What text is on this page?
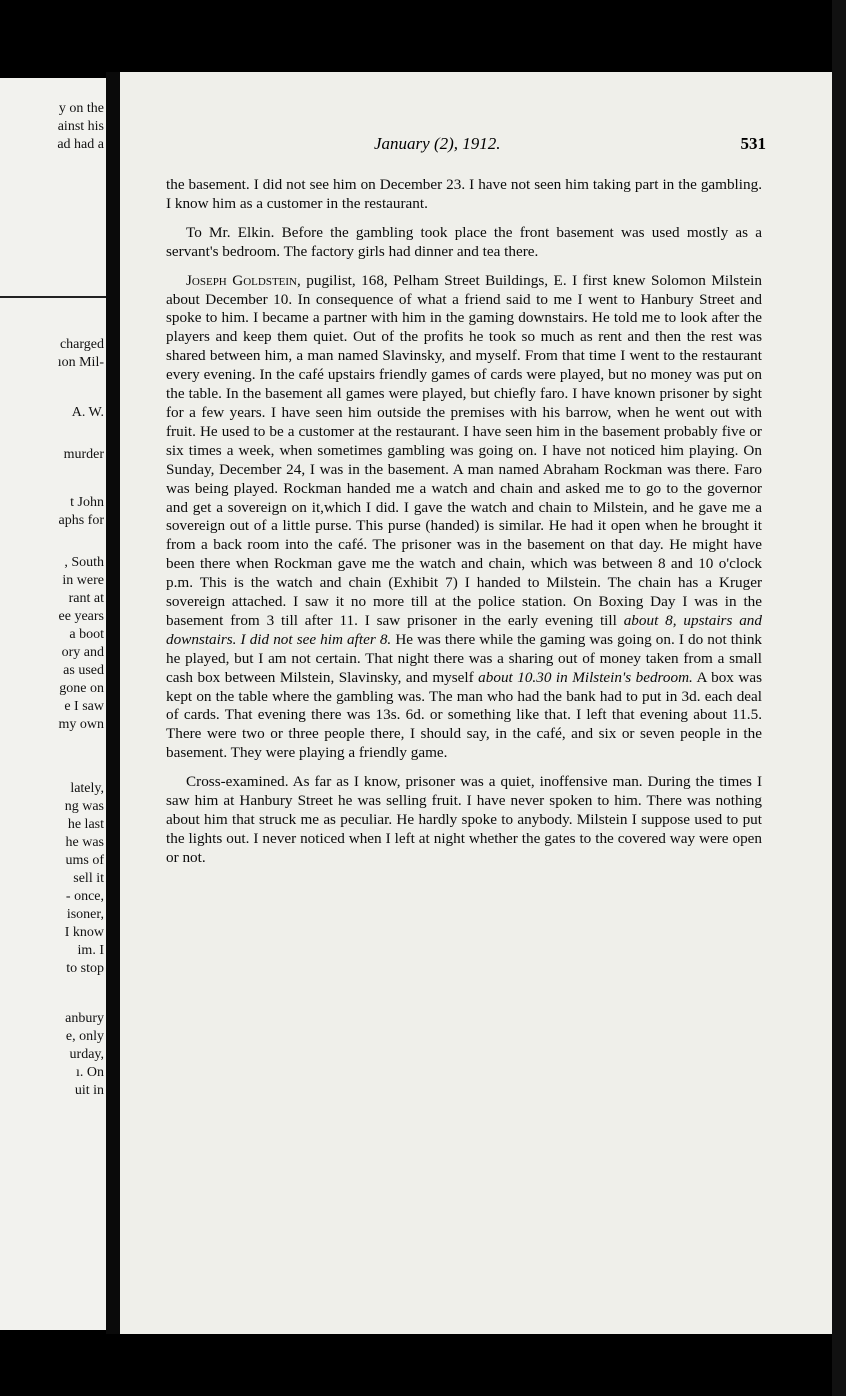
y on the
ainst his
ad had a
charged
ıon Mil-
A. W.
murder
t John
aphs for
, South
in were
rant at
ee years
a boot
ory and
as used
gone on
e I saw
my own
lately,
ng was
he last
he was
ums of
sell it
- once,
isoner,
I know
im. I
to stop
anbury
e, only
urday,
ı. On
uit in
January (2), 1912.	531

the basement. I did not see him on December 23. I have not seen him taking part in the gambling. I know him as a customer in the restaurant.

To Mr. Elkin. Before the gambling took place the front basement was used mostly as a servant's bedroom. The factory girls had dinner and tea there.

Joseph Goldstein, pugilist, 168, Pelham Street Buildings, E. I first knew Solomon Milstein about December 10. In consequence of what a friend said to me I went to Hanbury Street and spoke to him. I became a partner with him in the gaming downstairs. He told me to look after the players and keep them quiet. Out of the profits he took so much as rent and then the rest was shared between him, a man named Slavinsky, and myself. From that time I went to the restaurant every evening. In the café upstairs friendly games of cards were played, but no money was put on the table. In the basement all games were played, but chiefly faro. I have known prisoner by sight for a few years. I have seen him outside the premises with his barrow, when he went out with fruit. He used to be a customer at the restaurant. I have seen him in the basement probably five or six times a week, when sometimes gambling was going on. I have not noticed him playing. On Sunday, December 24, I was in the basement. A man named Abraham Rockman was there. Faro was being played. Rockman handed me a watch and chain and asked me to go to the governor and get a sovereign on it,which I did. I gave the watch and chain to Milstein, and he gave me a sovereign out of a little purse. This purse (handed) is similar. He had it open when he brought it from a back room into the café. The prisoner was in the basement on that day. He might have been there when Rockman gave me the watch and chain, which was between 8 and 10 o'clock p.m. This is the watch and chain (Exhibit 7) I handed to Milstein. The chain has a Kruger sovereign attached. I saw it no more till at the police station. On Boxing Day I was in the basement from 3 till after 11. I saw prisoner in the early evening till about 8, upstairs and downstairs. I did not see him after 8. He was there while the gaming was going on. I do not think he played, but I am not certain. That night there was a sharing out of money taken from a small cash box between Milstein, Slavinsky, and myself about 10.30 in Milstein's bedroom. A box was kept on the table where the gambling was. The man who had the bank had to put in 3d. each deal of cards. That evening there was 13s. 6d. or something like that. I left that evening about 11.5. There were two or three people there, I should say, in the café, and six or seven people in the basement. They were playing a friendly game.

Cross-examined. As far as I know, prisoner was a quiet, inoffensive man. During the times I saw him at Hanbury Street he was selling fruit. I have never spoken to him. There was nothing about him that struck me as peculiar. He hardly spoke to anybody. Milstein I suppose used to put the lights out. I never noticed when I left at night whether the gates to the covered way were open or not.
